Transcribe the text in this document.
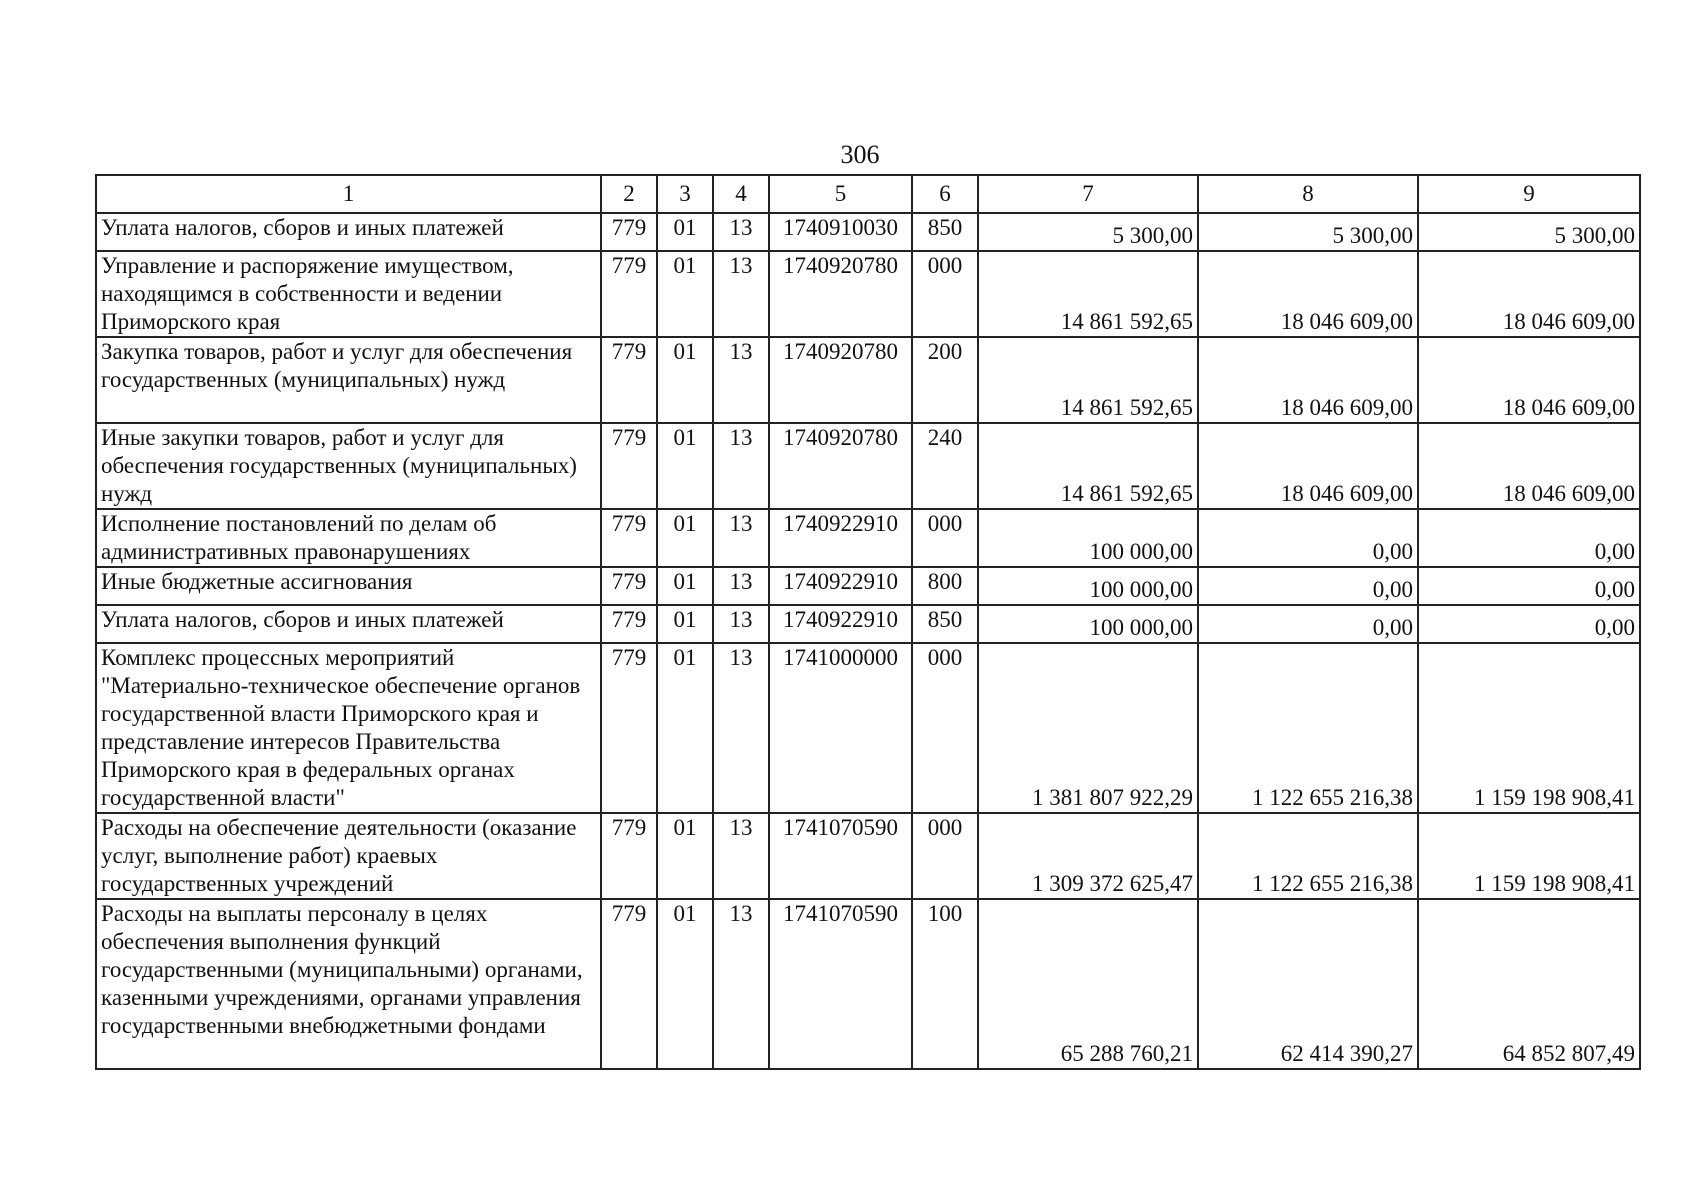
306
1	2	3	4	5	6	7	8	9
Уплата налогов, сборов и иных платежей	779	01	13	1740910030	850	5 300,00	5 300,00	5 300,00
Управление и распоряжение имуществом, находящимся в собственности и ведении Приморского края	779	01	13	1740920780	000	14 861 592,65	18 046 609,00	18 046 609,00
Закупка товаров, работ и услуг для обеспечения государственных (муниципальных) нужд	779	01	13	1740920780	200	14 861 592,65	18 046 609,00	18 046 609,00
Иные закупки товаров, работ и услуг для обеспечения государственных (муниципальных) нужд	779	01	13	1740920780	240	14 861 592,65	18 046 609,00	18 046 609,00
Исполнение постановлений по делам об административных правонарушениях	779	01	13	1740922910	000	100 000,00	0,00	0,00
Иные бюджетные ассигнования	779	01	13	1740922910	800	100 000,00	0,00	0,00
Уплата налогов, сборов и иных платежей	779	01	13	1740922910	850	100 000,00	0,00	0,00
Комплекс процессных мероприятий "Материально-техническое обеспечение органов государственной власти Приморского края и представление интересов Правительства Приморского края в федеральных органах государственной власти"	779	01	13	1741000000	000	1 381 807 922,29	1 122 655 216,38	1 159 198 908,41
Расходы на обеспечение деятельности (оказание услуг, выполнение работ) краевых государственных учреждений	779	01	13	1741070590	000	1 309 372 625,47	1 122 655 216,38	1 159 198 908,41
Расходы на выплаты персоналу в целях обеспечения выполнения функций государственными (муниципальными) органами, казенными учреждениями, органами управления государственными внебюджетными фондами	779	01	13	1741070590	100	65 288 760,21	62 414 390,27	64 852 807,49
